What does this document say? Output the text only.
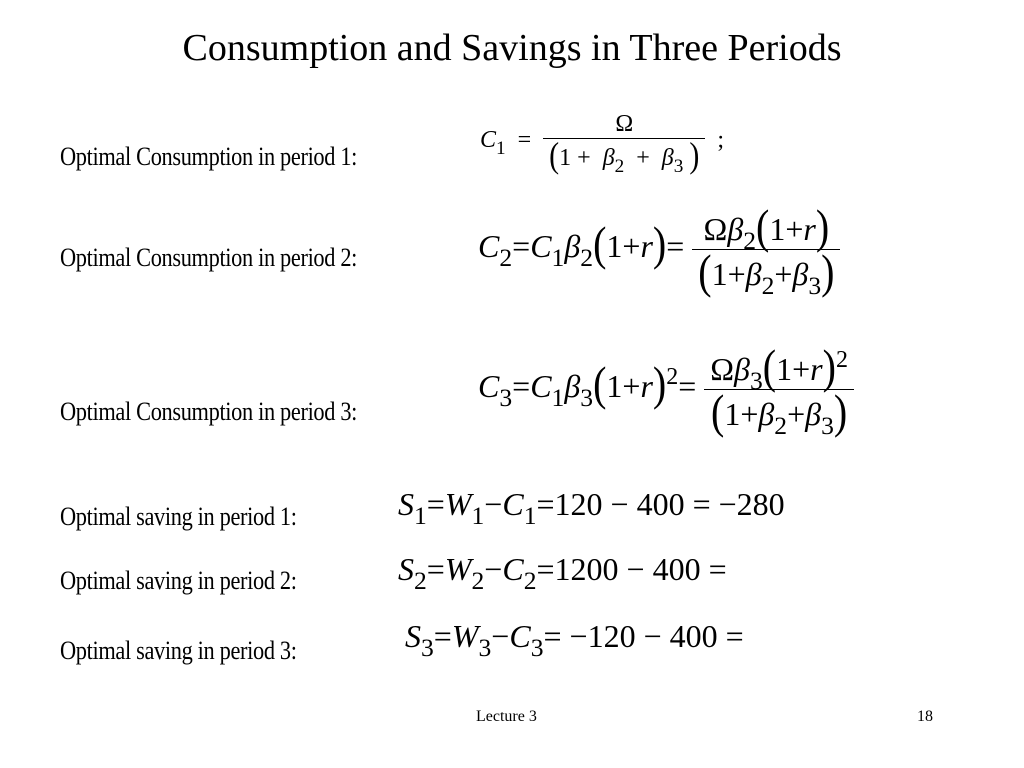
Consumption and Savings in Three Periods
Optimal Consumption in period 1:
$C_1 = \frac{\Omega}{(1 + \beta_2 + \beta_3 )}$ ;
Optimal Consumption in period 2:	$C_2=C_1\beta_2(1+r)= \frac{\Omega\beta_2(1+r)}{(1+\beta_2+\beta_3)}$
Optimal Consumption in period 3:
$C_3=C_1\beta_3(1+r)^2= \frac{\Omega\beta_3(1+r)^2}{(1+\beta_2+\beta_3)}$
Optimal saving in period 1:	$S_1=W_1-C_1=120 - 400 = -280$
Optimal saving in period 2:	$S_2=W_2-C_2=1200 - 400$ =
Optimal saving in period 3:	$S_3=W_3-C_3= -120 - 400$ =
Lecture 3	18
